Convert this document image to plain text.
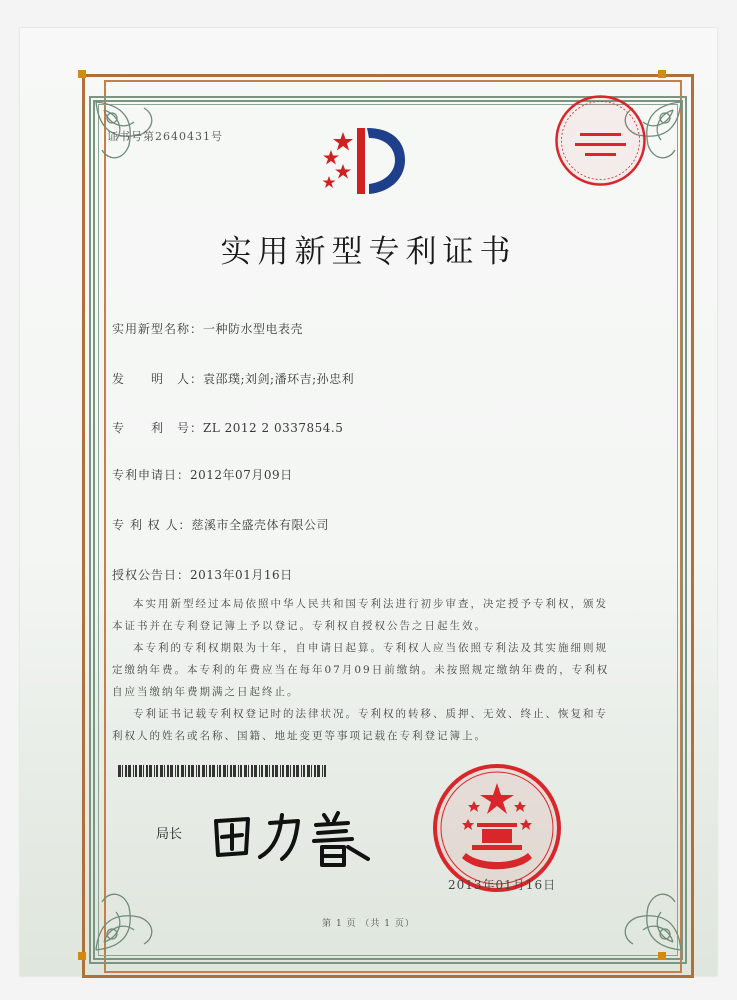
证书号第2640431号
实用新型专利证书
实用新型名称：一种防水型电表壳
发　　明　人：袁邵璞;刘剑;潘环吉;孙忠利
专　　利　号：ZL 2012 2 0337854.5
专利申请日：2012年07月09日
专 利 权 人：慈溪市全盛壳体有限公司
授权公告日：2013年01月16日

本实用新型经过本局依照中华人民共和国专利法进行初步审查，决定授予专利权，颁发本证书并在专利登记簿上予以登记。专利权自授权公告之日起生效。

本专利的专利权期限为十年，自申请日起算。专利权人应当依照专利法及其实施细则规定缴纳年费。本专利的年费应当在每年07月09日前缴纳。未按照规定缴纳年费的，专利权自应当缴纳年费期满之日起终止。

专利证书记载专利权登记时的法律状况。专利权的转移、质押、无效、终止、恢复和专利权人的姓名或名称、国籍、地址变更等事项记载在专利登记簿上。

局长
2013年01月16日
第 1 页 （共 1 页）
